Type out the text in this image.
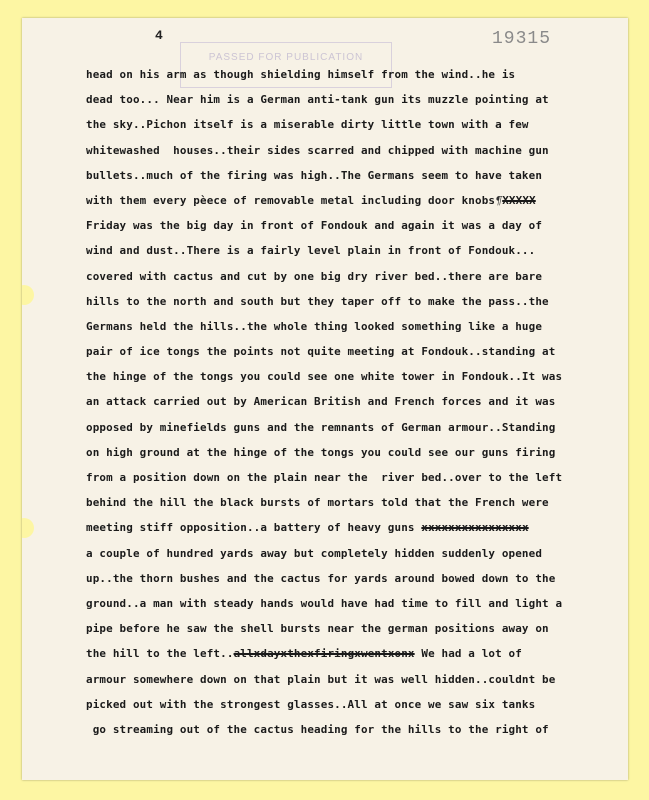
PASSED FOR PUBLICATION
4	19315
head on his arm as though shielding himself from the wind..he is
dead too... Near him is a German anti-tank gun its muzzle pointing at
the sky..Pichon itself is a miserable dirty little town with a few
whitewashed  houses..their sides scarred and chipped with machine gun
bullets..much of the firing was high..The Germans seem to have taken
with them every pèece of removable metal including door knobs¶XXXXX
Friday was the big day in front of Fondouk and again it was a day of
wind and dust..There is a fairly level plain in front of Fondouk...
covered with cactus and cut by one big dry river bed..there are bare
hills to the north and south but they taper off to make the pass..the
Germans held the hills..the whole thing looked something like a huge
pair of ice tongs the points not quite meeting at Fondouk..standing at
the hinge of the tongs you could see one white tower in Fondouk..It was
an attack carried out by American British and French forces and it was
opposed by minefields guns and the remnants of German armour..Standing
on high ground at the hinge of the tongs you could see our guns firing
from a position down on the plain near the  river bed..over to the left
behind the hill the black bursts of mortars told that the French were
meeting stiff opposition..a battery of heavy guns xxxxxxxxxxxxxxxx
a couple of hundred yards away but completely hidden suddenly opened
up..the thorn bushes and the cactus for yards around bowed down to the
ground..a man with steady hands would have had time to fill and light a
pipe before he saw the shell bursts near the german positions away on
the hill to the left..allxdayxthexfiringxwentxonx We had a lot of
armour somewhere down on that plain but it was well hidden..couldnt be
picked out with the strongest glasses..All at once we saw six tanks
go streaming out of the cactus heading for the hills to the right of
